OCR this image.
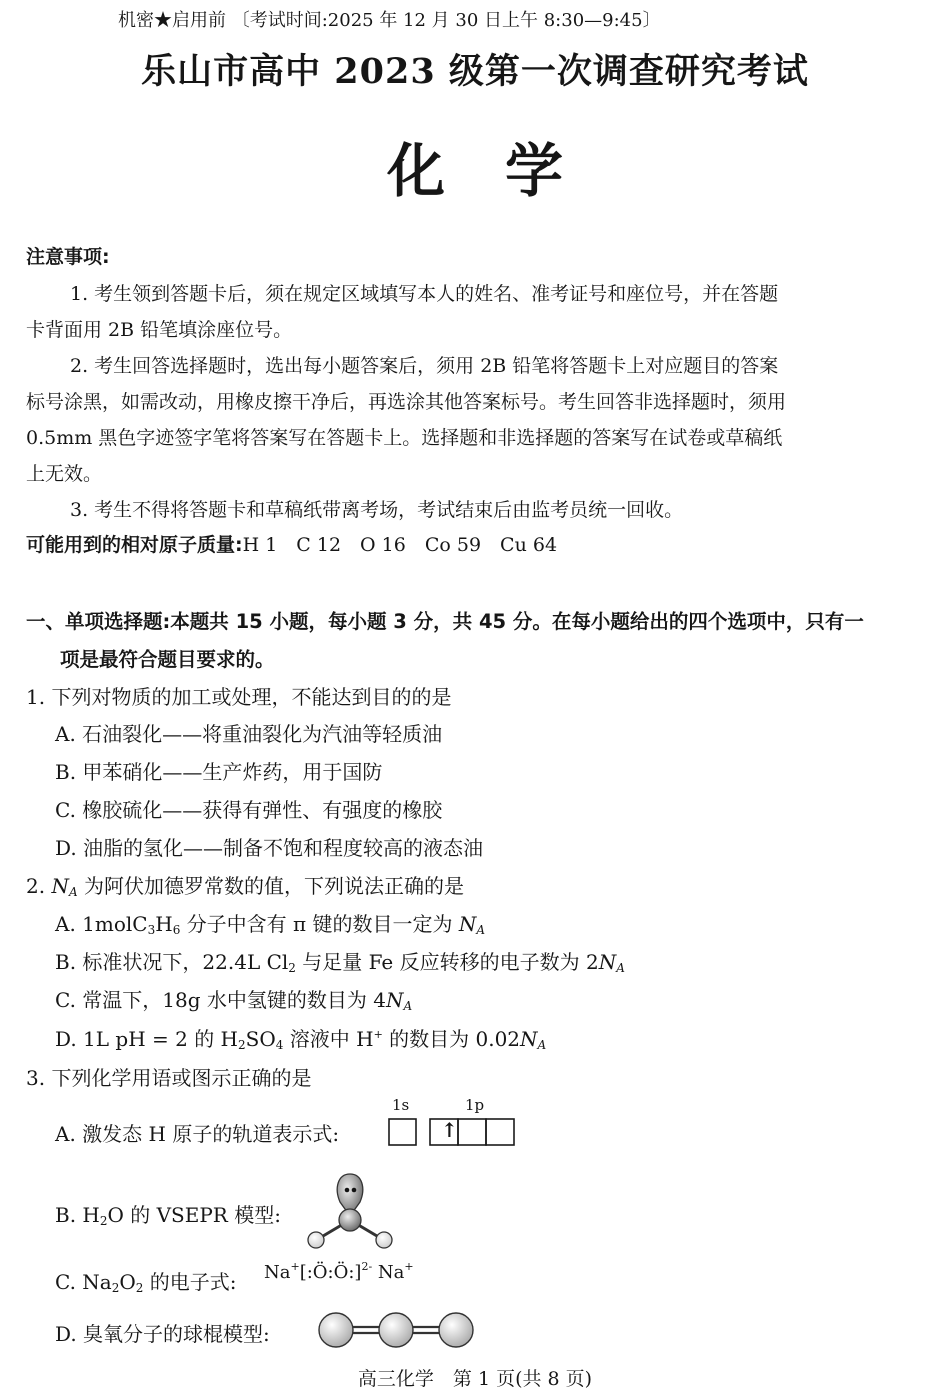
机密★启用前 〔考试时间:2025 年 12 月 30 日上午 8:30—9:45〕
乐山市高中 2023 级第一次调查研究考试
化学
注意事项:
1. 考生领到答题卡后，须在规定区域填写本人的姓名、准考证号和座位号，并在答题
卡背面用 2B 铅笔填涂座位号。
2. 考生回答选择题时，选出每小题答案后，须用 2B 铅笔将答题卡上对应题目的答案
标号涂黑，如需改动，用橡皮擦干净后，再选涂其他答案标号。考生回答非选择题时，须用
0.5mm 黑色字迹签字笔将答案写在答题卡上。选择题和非选择题的答案写在试卷或草稿纸
上无效。
3. 考生不得将答题卡和草稿纸带离考场，考试结束后由监考员统一回收。
可能用到的相对原子质量:H 1　C 12　O 16　Co 59　Cu 64
一、单项选择题:本题共 15 小题，每小题 3 分，共 45 分。在每小题给出的四个选项中，只有一
项是最符合题目要求的。
1. 下列对物质的加工或处理，不能达到目的的是
A. 石油裂化——将重油裂化为汽油等轻质油
B. 甲苯硝化——生产炸药，用于国防
C. 橡胶硫化——获得有弹性、有强度的橡胶
D. 油脂的氢化——制备不饱和程度较高的液态油
2. $N_A$ 为阿伏加德罗常数的值，下列说法正确的是
A. $1molC_3H_6$ 分子中含有 π 键的数目一定为 $N_A$
B. 标准状况下，22.4L $Cl_2$ 与足量 Fe 反应转移的电子数为 $2N_A$
C. 常温下，18g 水中氢键的数目为 $4N_A$
D. 1L pH = 2 的 $H_2SO_4$ 溶液中 H+ 的数目为 $0.02N_A$
3. 下列化学用语或图示正确的是
A. 激发态 H 原子的轨道表示式:
1s	1p
↑
B. $H_2O$ 的 VSEPR 模型:
C. $Na_2O_2$ 的电子式: Na+[:Ö:Ö:]$^{2-}$ Na+
D. 臭氧分子的球棍模型:
高三化学　第 1 页(共 8 页)
